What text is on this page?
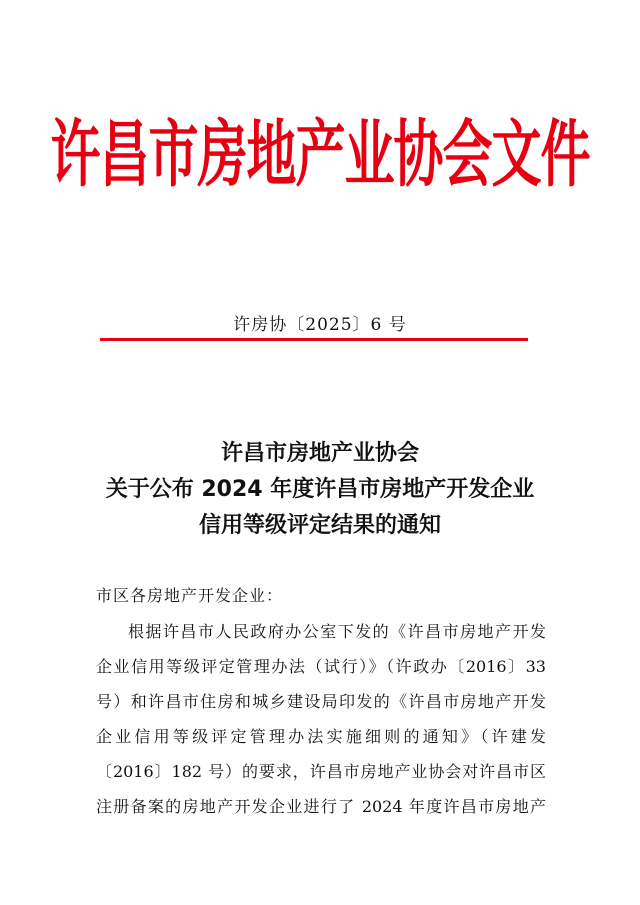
许昌市房地产业协会文件
许房协〔2025〕6 号
许昌市房地产业协会
关于公布 2024 年度许昌市房地产开发企业
信用等级评定结果的通知
市区各房地产开发企业：
根据许昌市人民政府办公室下发的《许昌市房地产开发
企业信用等级评定管理办法（试行）》（许政办〔2016〕33
号）和许昌市住房和城乡建设局印发的《许昌市房地产开发
企业信用等级评定管理办法实施细则的通知》（许建发
〔2016〕182 号）的要求，许昌市房地产业协会对许昌市区
注册备案的房地产开发企业进行了 2024 年度许昌市房地产
